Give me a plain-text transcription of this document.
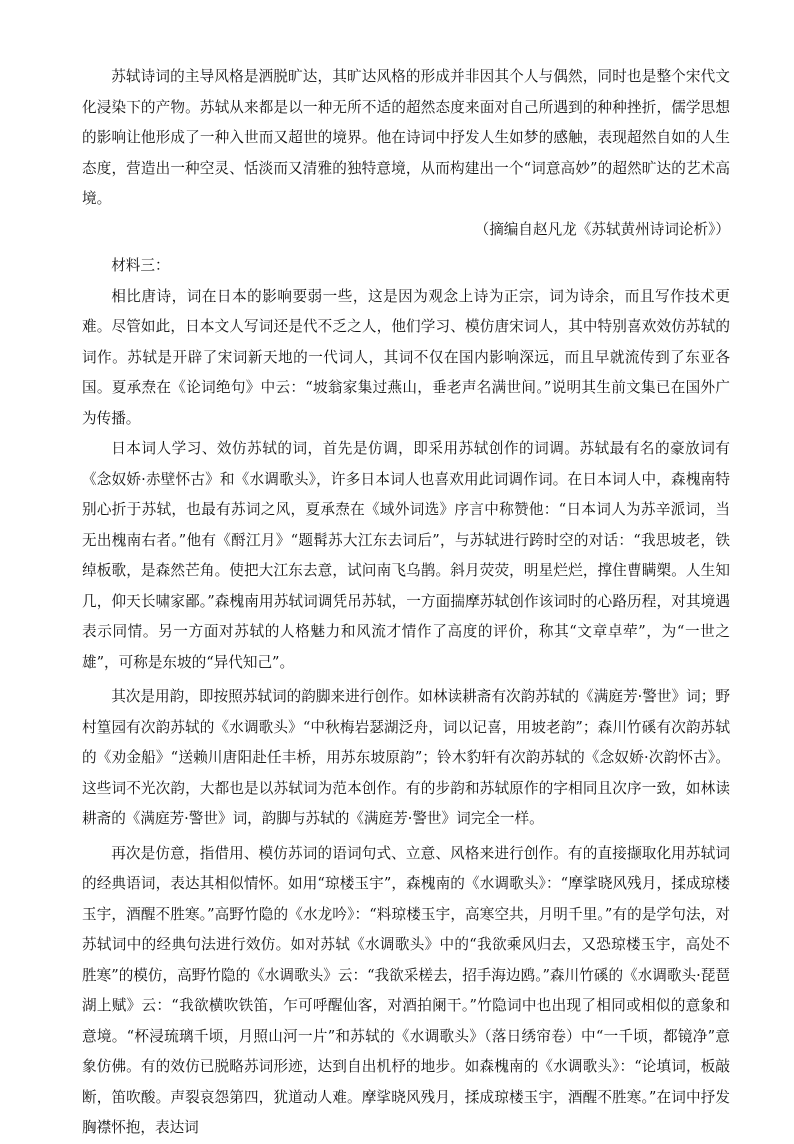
苏轼诗词的主导风格是洒脱旷达，其旷达风格的形成并非因其个人与偶然，同时也是整个宋代文化浸染下的产物。苏轼从来都是以一种无所不适的超然态度来面对自己所遇到的种种挫折，儒学思想的影响让他形成了一种入世而又超世的境界。他在诗词中抒发人生如梦的感触，表现超然自如的人生态度，营造出一种空灵、恬淡而又清雅的独特意境，从而构建出一个“词意高妙”的超然旷达的艺术高境。

（摘编自赵凡龙《苏轼黄州诗词论析》）

材料三：

相比唐诗，词在日本的影响要弱一些，这是因为观念上诗为正宗，词为诗余，而且写作技术更难。尽管如此，日本文人写词还是代不乏之人，他们学习、模仿唐宋词人，其中特别喜欢效仿苏轼的词作。苏轼是开辟了宋词新天地的一代词人，其词不仅在国内影响深远，而且早就流传到了东亚各国。夏承焘在《论词绝句》中云：“坡翁家集过燕山，垂老声名满世间。”说明其生前文集已在国外广为传播。

日本词人学习、效仿苏轼的词，首先是仿调，即采用苏轼创作的词调。苏轼最有名的豪放词有《念奴娇·赤壁怀古》和《水调歌头》，许多日本词人也喜欢用此词调作词。在日本词人中，森槐南特别心折于苏轼，也最有苏词之风，夏承焘在《域外词选》序言中称赞他：“日本词人为苏辛派词，当无出槐南右者。”他有《酹江月》“题髯苏大江东去词后”，与苏轼进行跨时空的对话：“我思坡老，铁绰板歌，是森然芒角。使把大江东去意，试问南飞乌鹊。斜月荧荧，明星烂烂，撑住曹瞒槊。人生知几，仰天长啸家鄙。”森槐南用苏轼词调凭吊苏轼，一方面揣摩苏轼创作该词时的心路历程，对其境遇表示同情。另一方面对苏轼的人格魅力和风流才情作了高度的评价，称其“文章卓荦”，为“一世之雄”，可称是东坡的“异代知己”。

其次是用韵，即按照苏轼词的韵脚来进行创作。如林读耕斋有次韵苏轼的《满庭芳·警世》词；野村篁园有次韵苏轼的《水调歌头》“中秋梅岩瑟湖泛舟，词以记喜，用坡老韵”；森川竹磎有次韵苏轼的《劝金船》“送赖川唐阳赴任丰桥，用苏东坡原韵”；铃木豹轩有次韵苏轼的《念奴娇·次韵怀古》。这些词不光次韵，大都也是以苏轼词为范本创作。有的步韵和苏轼原作的字相同且次序一致，如林读耕斋的《满庭芳·警世》词，韵脚与苏轼的《满庭芳·警世》词完全一样。

再次是仿意，指借用、模仿苏词的语词句式、立意、风格来进行创作。有的直接撷取化用苏轼词的经典语词，表达其相似情怀。如用“琼楼玉宇”，森槐南的《水调歌头》：“摩挲晓风残月，揉成琼楼玉宇，酒醒不胜寒。”高野竹隐的《水龙吟》：“料琼楼玉宇，高寒空共，月明千里。”有的是学句法，对苏轼词中的经典句法进行效仿。如对苏轼《水调歌头》中的“我欲乘风归去，又恐琼楼玉宇，高处不胜寒”的模仿，高野竹隐的《水调歌头》云：“我欲采槎去，招手海边鸥。”森川竹磎的《水调歌头·琵琶湖上赋》云：“我欲横吹铁笛，乍可呼醒仙客，对酒拍阑干。”竹隐词中也出现了相同或相似的意象和意境。“杯浸琉璃千顷，月照山河一片”和苏轼的《水调歌头》（落日绣帘卷）中“一千顷，都镜净”意象仿佛。有的效仿已脱略苏词形迹，达到自出机杼的地步。如森槐南的《水调歌头》：“论填词，板敲断，笛吹酸。声裂哀怨第四，犹道动人难。摩挲晓风残月，揉成琼楼玉宇，酒醒不胜寒。”在词中抒发胸襟怀抱，表达词
